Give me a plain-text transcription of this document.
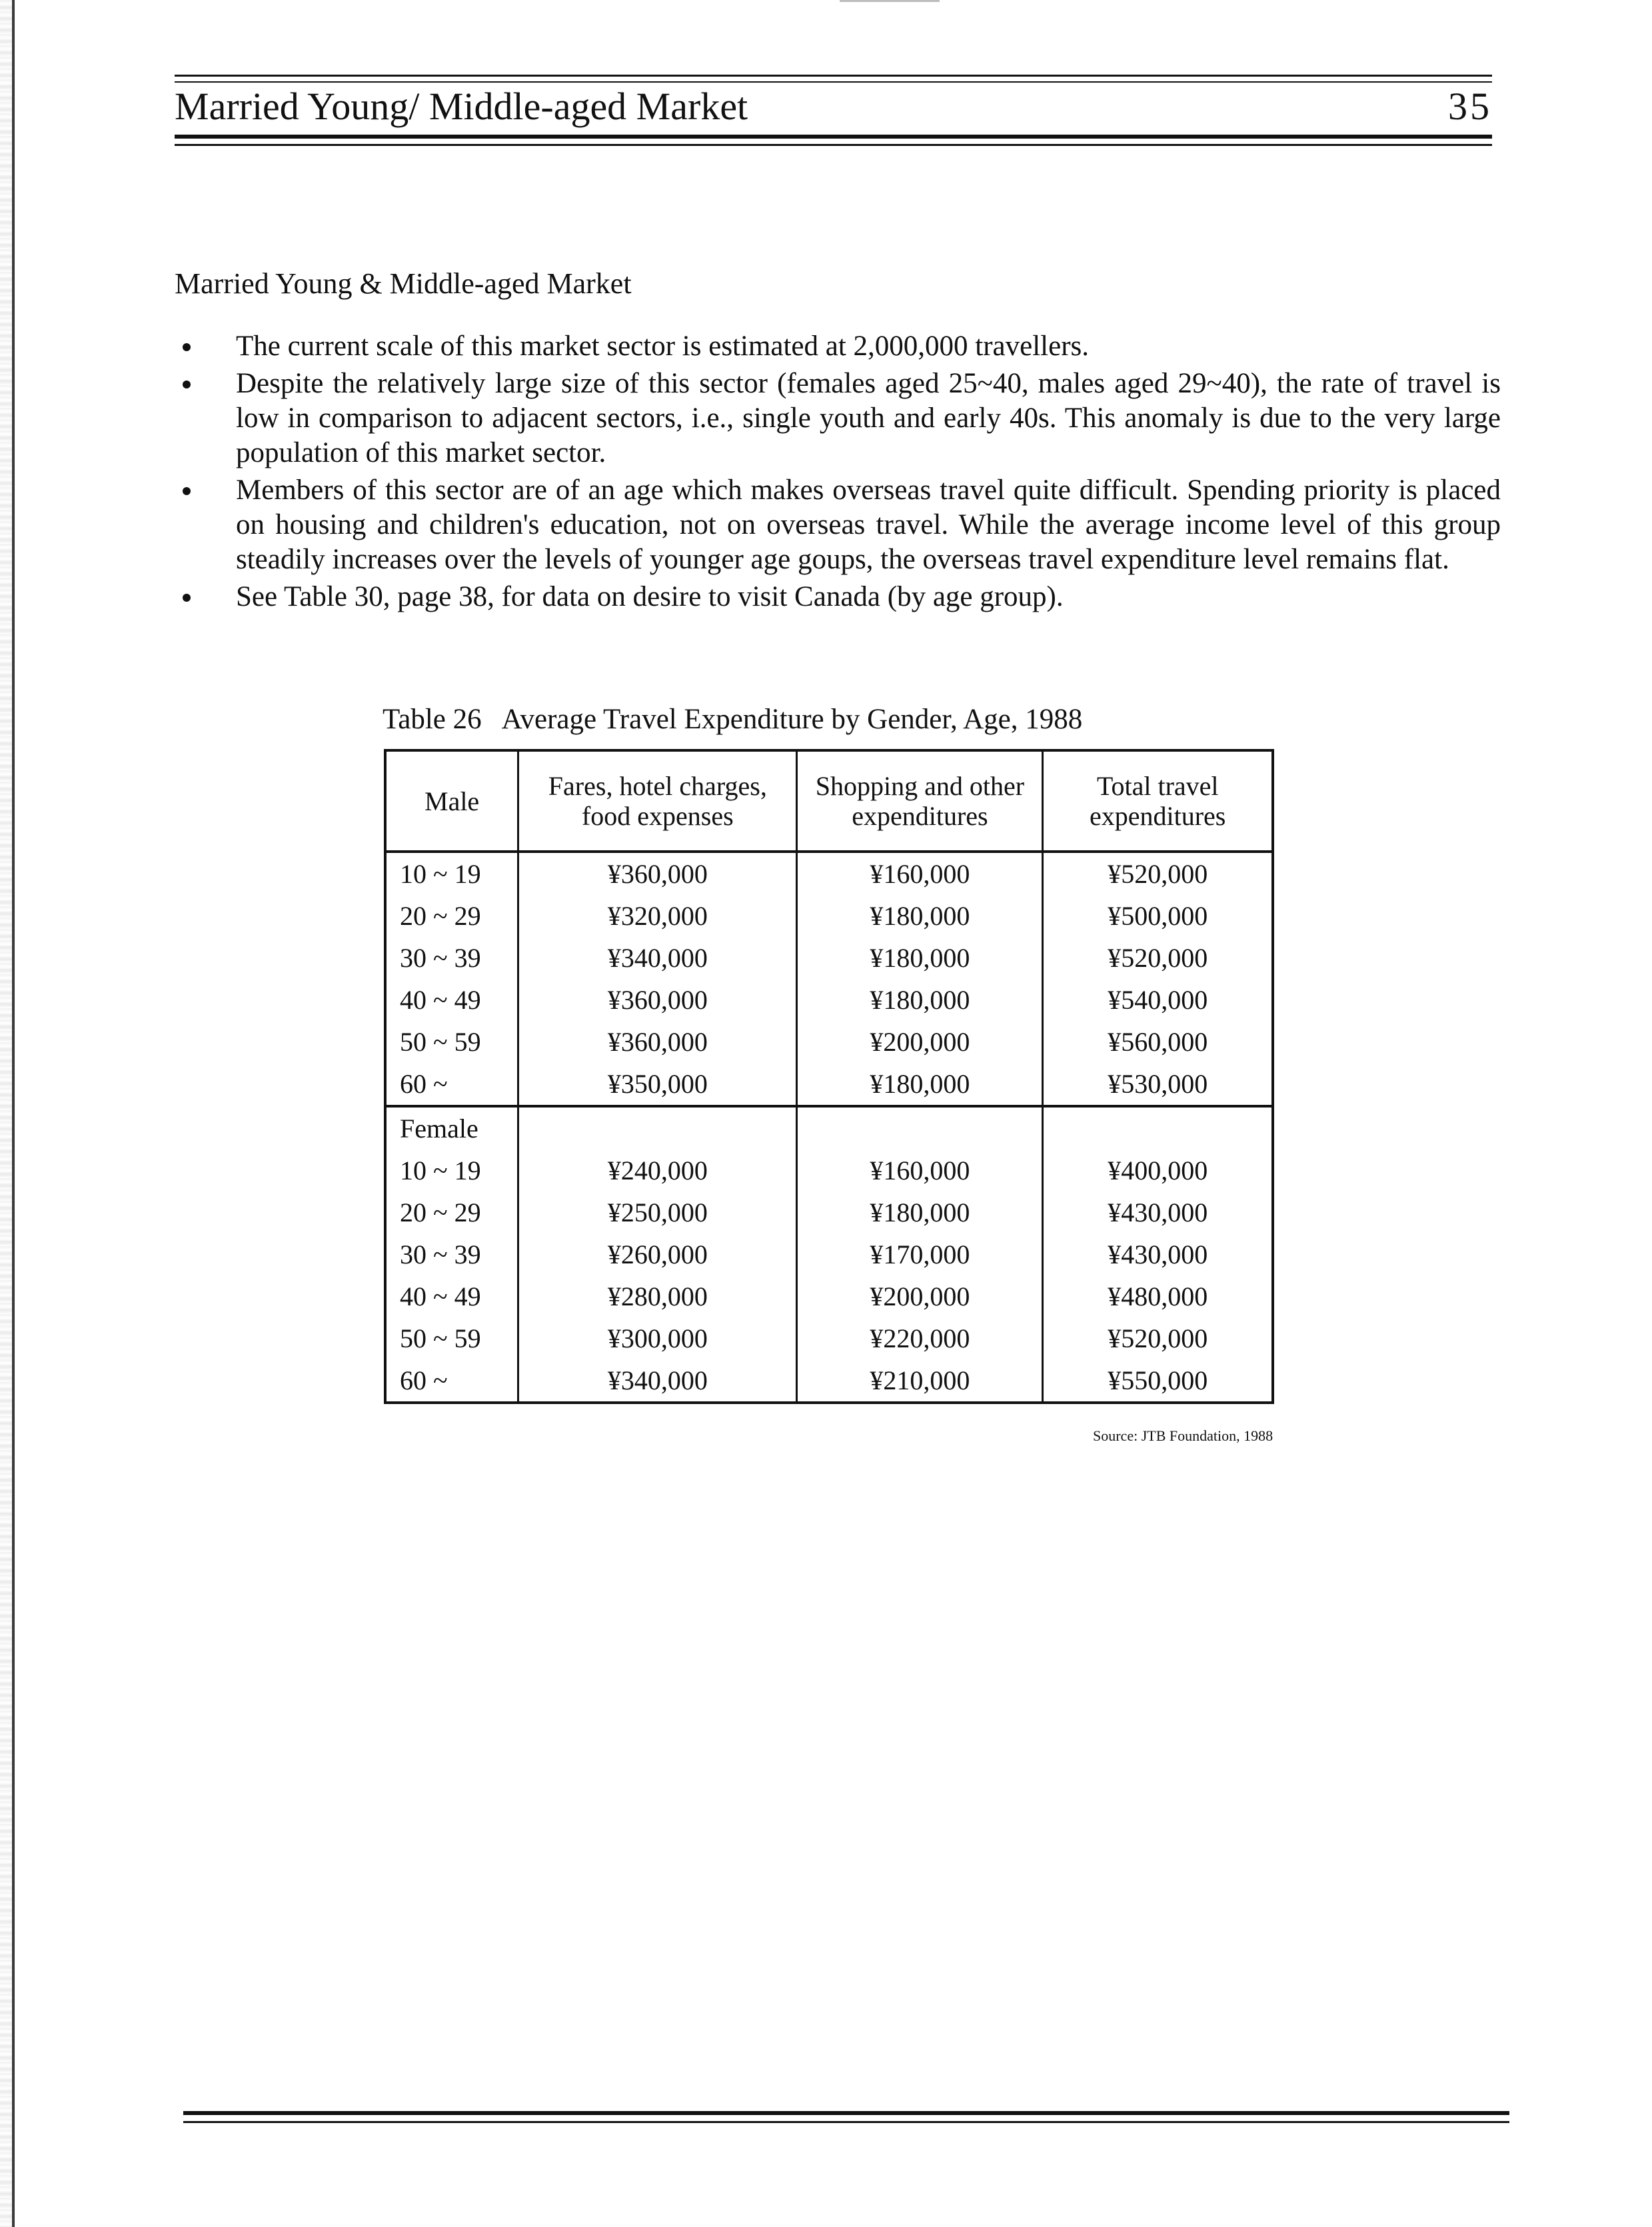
Married Young/ Middle-aged Market	35
Married Young & Middle-aged Market
The current scale of this market sector is estimated at 2,000,000 travellers.
Despite the relatively large size of this sector (females aged 25~40, males aged 29~40), the rate of travel is low in comparison to adjacent sectors, i.e., single youth and early 40s. This anomaly is due to the very large population of this market sector.
Members of this sector are of an age which makes overseas travel quite difficult. Spending priority is placed on housing and children's education, not on overseas travel. While the average income level of this group steadily increases over the levels of younger age goups, the overseas travel expenditure level remains flat.
See Table 30, page 38, for data on desire to visit Canada (by age group).
Table 26 Average Travel Expenditure by Gender, Age, 1988
Male	Fares, hotel charges, food expenses	Shopping and other expenditures	Total travel expenditures
10 ~ 19	¥360,000	¥160,000	¥520,000
20 ~ 29	¥320,000	¥180,000	¥500,000
30 ~ 39	¥340,000	¥180,000	¥520,000
40 ~ 49	¥360,000	¥180,000	¥540,000
50 ~ 59	¥360,000	¥200,000	¥560,000
60 ~	¥350,000	¥180,000	¥530,000
Female			
10 ~ 19	¥240,000	¥160,000	¥400,000
20 ~ 29	¥250,000	¥180,000	¥430,000
30 ~ 39	¥260,000	¥170,000	¥430,000
40 ~ 49	¥280,000	¥200,000	¥480,000
50 ~ 59	¥300,000	¥220,000	¥520,000
60 ~	¥340,000	¥210,000	¥550,000
Source: JTB Foundation, 1988
